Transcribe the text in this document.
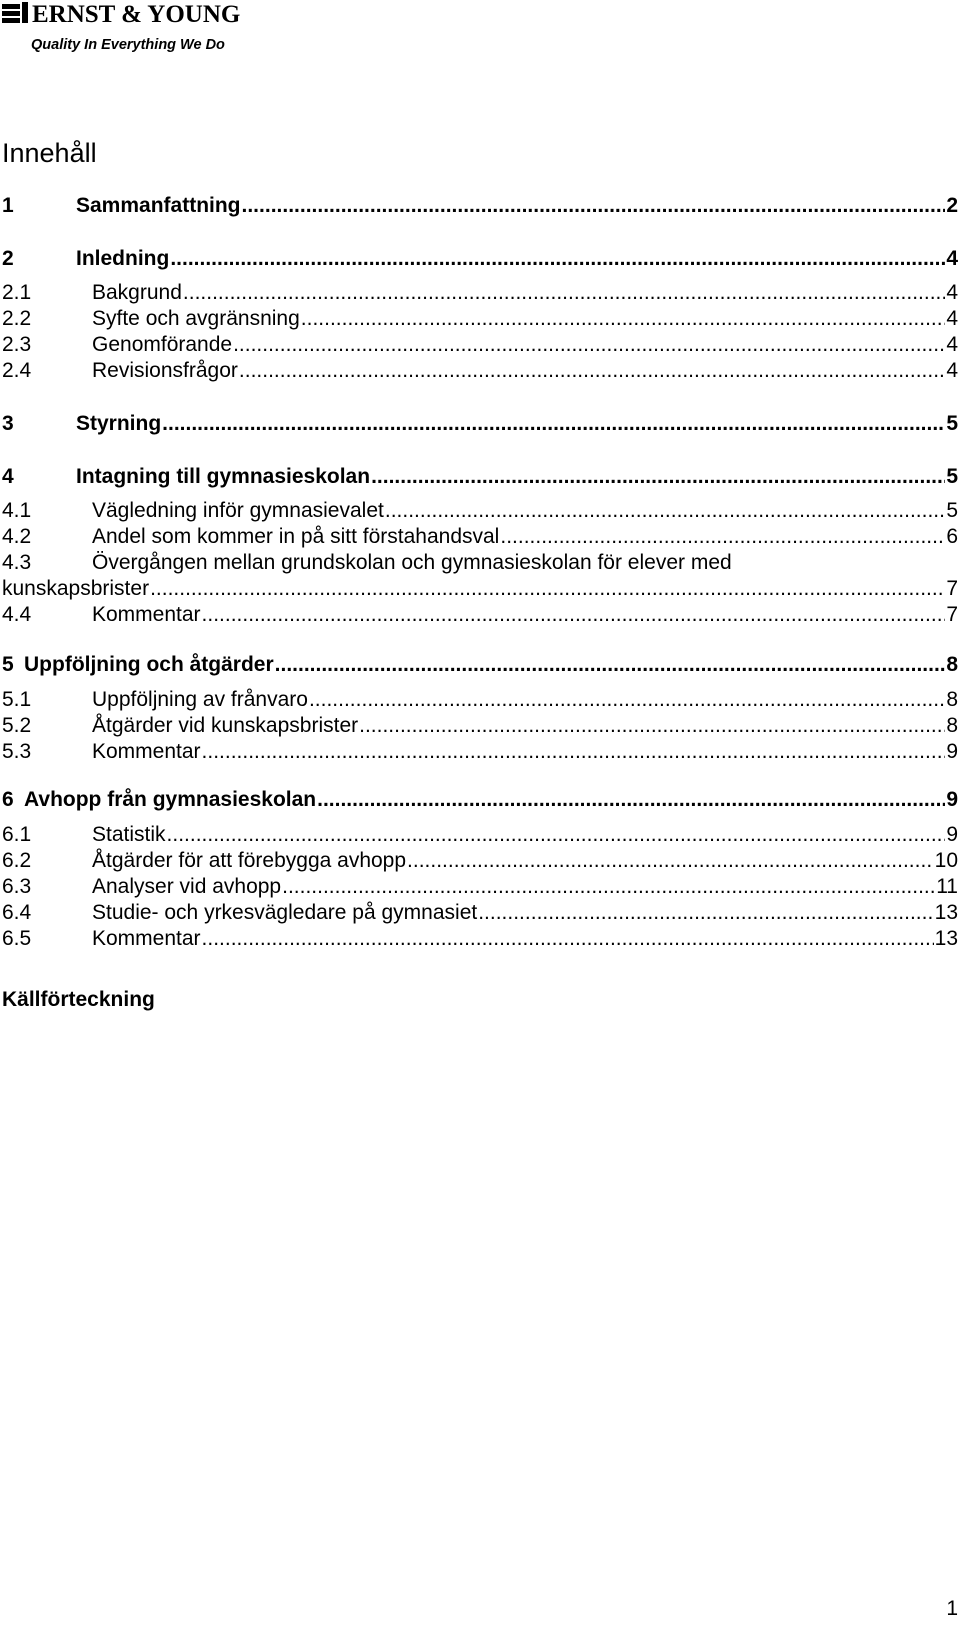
ERNST & YOUNG
Quality In Everything We Do
Innehåll
1	Sammanfattning .....	2
2	Inledning .....	4
2.1	Bakgrund .....	4
2.2	Syfte och avgränsning .....	4
2.3	Genomförande .....	4
2.4	Revisionsfrågor .....	4
3	Styrning .....	5
4	Intagning till gymnasieskolan .....	5
4.1	Vägledning inför gymnasievalet .....	5
4.2	Andel som kommer in på sitt förstahandsval .....	6
4.3	Övergången mellan grundskolan och gymnasieskolan för elever med
kunskapsbrister .....	7
4.4	Kommentar .....	7
5 Uppföljning och åtgärder .....	8
5.1	Uppföljning av frånvaro .....	8
5.2	Åtgärder vid kunskapsbrister .....	8
5.3	Kommentar .....	9
6 Avhopp från gymnasieskolan .....	9
6.1	Statistik .....	9
6.2	Åtgärder för att förebygga avhopp .....	10
6.3	Analyser vid avhopp .....	11
6.4	Studie- och yrkesvägledare på gymnasiet .....	13
6.5	Kommentar .....	13
Källförteckning
1
